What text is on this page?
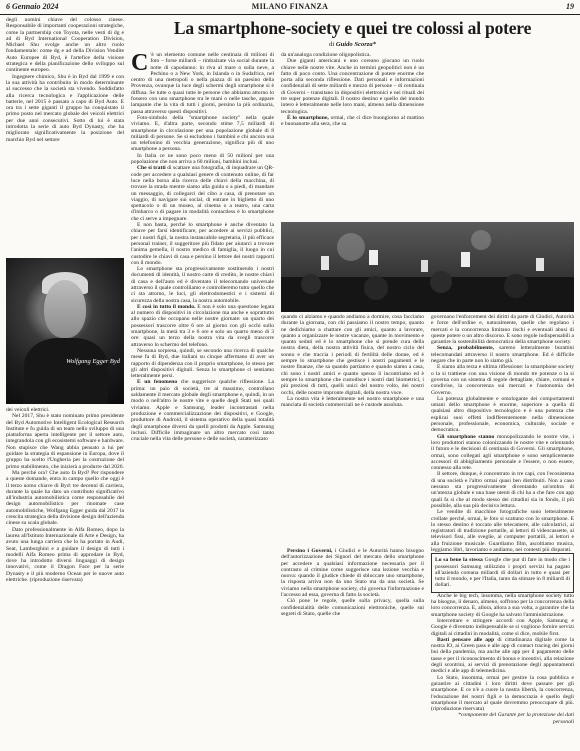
6 Gennaio 2024	MILANO FINANZA	19

degli uomini chiave del colosso cinese. Responsabile di importanti cooperazioni strategiche, come la partnership con Toyota, nelle vesti di dg e ad di Byd International Cooperation Division, Michael Shu svolge anche un altro ruolo fondamentale: come dg e ad della Division Vendite Auto Europee di Byd, è l'artefice della visione strategica e della pianificazione dello sviluppo sul continente europeo.

Ingegnere chimico, Shu è in Byd dal 1999 e con la sua attività ha contribuito in modo determinante al successo che la società sta vivendo. Soddisfatto alla ricerca tecnologica e l'applicazione delle batterie, nel 2015 è passato a capo di Byd Auto. E ora tra i sette giganti il gruppo ha conquistato il primo posto nel mercato globale dei veicoli elettrici per due anni consecutivi. Sotto di lui è stata introdotta la serie di auto Byd Dynasty, che ha migliorato significativamente la posizione del marchio Byd nel settore

Wolfgang Egger Byd

dei veicoli elettrici.

Nel 2017, Shu è stato nominato primo presidente del Byd Automotive Intelligent Ecological Research Institute e fu guida di un team nello sviluppo di una piattaforma aperta intelligente per il settore auto, integrandola con gli ecosistemi software e hardware. Non stupisce che Wang abbia pensato a lui per guidare la strategia di espansione in Europa, dove il gruppo ha scelto l'Ungheria per la costruzione del primo stabilimento, che inizierà a produrre dal 2026.

Ma perché ora? Che auto fa Byd? Per rispondere a queste domande, entra in campo quello che oggi è il terzo uomo chiave di Byd: tre decenni di carriera, durante la quale ha dato un contributo significativo all'industria automobilistica come responsabile del design automobilistico per rinomate case automobilistiche, Wolfgang Egger guida dal 2017 la crescita strategica della divisione design dell'azienda cinese su scala globale.

Dato professionalmente in Alfa Romeo, dopo la laurea all'Istituto Internazionale di Arte e Design, ha avuto una lunga carriera che lo ha portato in Audi, Seat, Lamborghini e a guidare il design di tutti i modelli Alfa Romeo prima di approdare in Byd, dove ha introdotto diversi linguaggi di design innovativi, come il Dragon Face per la serie Dynasty e il più moderno Ocean per le nuove auto elettriche. (riproduzione riservata)

La smartphone-society e quei tre colossi al potere
di Guido Scorza*

C 'è un elemento comune nelle centinaia di milioni di foto – forse miliardi – rimbalzate via social durante la notte di capodanno: in riva al mare o sulla neve, a Pechino o a New York, in Islanda o in Sudafrica, nel centro di una metropoli o nella piazza di un paesino della Provenza, ovunque la luce degli schermi degli smartphone si è diffusa. Se tutte o quasi tutte le persone che abbiamo attorno lo fossero con uno smartphone tra le mani o nelle tasche, appare lampante che la vita di tutti i giorni, persino la più ordinaria, passa attraverso questi dispositivi.

Foto-simbolo della "smartphone society" nella quale viviamo. E, d'altra parte, secondo stime 7,5 miliardi di smartphone in circolazione per una popolazione globale di 8 miliardi di persone. Se si escludono i bambini e chi ancora usa un telefonino di vecchia generazione, significa più di uno smartphone a persona.

In Italia ce ne sono poco meno di 50 milioni per una popolazione che non arriva a 60 milioni, bambini inclusi.

Che si tratti di scattare una fotografia, di inquadrare un QR-code per accedere a qualsiasi genere di contenuto online, di far luce nella borsa alla ricerca delle chiavi della macchina, di trovare la strada mentre siamo alla guida o a piedi, di mandare un messaggio, di collegarci del cibo a casa, di prenotare un viaggio, di navigare sui social, di entrare in biglietto di uno spettacolo o di un museo, al cinema o a teatro, una carta d'imbarco o di pagare in modalità contactless è lo smartphone che ci serve a impegnare.

E non basta, perché lo smartphone è anche diventato la chiave per farsi identificare, per accedere ai servizi pubblici, per i nostri figli, la nostra instancabile segretaria, il più efficace personal trainer, il suggeritore più fidato per aiutarci a trovare l'anima gemella, il nostro medico di famiglia, il luogo in cui custodire le chiavi di casa e persino il lettore dei nostri rapporti con il mondo.

Lo smartphone sta progressivamente sostituendo i nostri documenti di identità, il nostro carte di credito, le nostre chiavi di casa e dell'auto ed è diventato il telecomando universale attraverso il quale controlliamo e controlleremo tutto quello che ci sta attorno, le luci, gli elettrodomestici e i sistemi di sicurezza della nostra casa, la nostra automobile.

E così in tutto il mondo. E non è solo una questione legata al numero di dispositivi in circolazione ma anche e soprattutto allo spazio che occupano nelle nostre giornate: un quarto dei possessori trascorre oltre 6 ore al giorno con gli occhi sullo smartphone, la metà tra 3 e 6 ore e solo un quarto meno di 3 ore: quasi un terzo della nostra vita da svegli trascorre attraverso lo schermo del telefono.

Nessuna sorpresa, quindi, se secondo una ricerca di qualche mese fa di Byd, due italiani su cinque affermano di aver un rapporto di dipendenza con il proprio smartphone, lo stesso per gli altri dispositivi digitali. Senza lo smartphone ci sentiamo letteralmente persi.

E un fenomeno che suggerisce qualche riflessione. La prima: un paio di società, tre al massimo, controllano saldamente il mercato globale degli smartphone e, quindi, in un modo o nell'altro le nostre vite e quelle degli Stati nei quali viviamo. Apple e Samsung, leader incontrastati nella produzione e commercializzazione dei dispositivi, e Google, produttore di Android, il sistema operativo della quasi totalità degli smartphone diversi da quelli prodotti da Apple. Samsung inclusi. Difficile immaginare un altro mercato così tanto cruciale nella vita delle persone e delle società, caratterizzato

da un'analoga condizione oligopolistica.

Due giganti americani e uno coreano giocano un ruolo chiave nelle nostre vite. Anche in termini geopolitici non è un fatto di poco conto. Una concentrazione di potere enorme che porta alla seconda riflessione. Dati personali e informazioni confidenziali di sette miliardi e mezzo di persone – di centinaia di Governi – transitano in dispositivi elettronici e nei rituali dei tre super potenze digitali. Il nostro destino e quello del mondo intero è letteralmente nelle loro mani, almeno nella dimensione tecnologica.

È lo smartphone, ormai, che ci dice buongiorno al mattino e buonanotte alla sera, che sa

quando ci alziamo e quando andiamo a dormire, cosa facciamo durante la giornata, con chi passiamo il nostro tempo, quanto ne dedichiamo a chattare con gli amici, quanto a lavorare, quanto a organizzare le nostre vacanze, quante in movimento e quanto seduti ed è lo smartphone che si prende cura della nostra dieta, della nostra attività fisica, del nostro ciclo del sonno e che traccia i periodi di fertilità delle donne, ed è sempre lo smartphone che gestisce i nostri pagamenti e le nostre finanze, che sa quando partiamo e quando siamo a casa, chi sono i nostri amici e quanto spesso li incontriamo ed è sempre lo smartphone che custodisce i nostri dati biometrici, i più preziosi di tutti, quelli unici del nostro volto, dei nostri occhi, delle nostre impronte digitali, della nostra voce.

La nostra vita è letteralmente nel nostro smartphone e una manciata di società commerciali ne è custode assoluta.

Persino i Governi, i Giudici e le Autorità hanno bisogno dell'autorizzazione dei Signori del mercato dello smartphone per accedere a qualsiasi informazione necessaria per il contrasto al crimine come suggerisce una lezione vecchia e nuova: quando il giudice chiede di sbloccare uno smartphone, la risposta arriva non da uno Stato ma da una società. Se viviamo nella smartphone society, chi governa l'informazione e l'accesso ad essa, governa di fatto la società.

Ciò pone le regole, quelle sulla privacy, quella sulla confidenzialità delle comunicazioni elettroniche, quelle sui segreti di Stato, quelle che

governano l'enforcement dei diritti da parte di Giudici, Autorità e forze dell'ordine e, naturalmente, quelle che regolano i mercati e la concorrenza limitano rischi e eventuali abusi di queste potere o un altro discorso. E sono regole indispensabili a garantire la sostenibilità democratica della smartphone society.

Senza, probabilmente, saremo letteralmente burattini telecomandati attraverso il nostro smartphone. Ed è difficile negare che in parte non lo siamo già.

E siamo alla terza e ultima riflessione: la smartphone society o la si trattiene con una visione di mondo tre potenze o la si governa con un sistema di regole dettagliate, chiare, comuni e condivise, la concorrenza sui mercati e l'autonomia del Governo.

La potenza globalmente e omologante dei comportamenti umani dello smartphone è enorme, superiore a quella di qualsiasi altro dispositivo tecnologico e è una potenza che esplicai suoi effetti indifferentemente nella dimensione personale, professionale, economica, culturale, sociale e democratica.

Gli smartphone stanno monopolizzando le nostre vite, i loro produttori stanno colonizzando le nostre vite e orientando il futuro e le decisioni di centinaia di Governi. Gli smartphone, ormai, sono collegati agli smartphone e sono semplicemente accessori di abbigliamento personale e l'essere, o non essere, connesso alla rete.

Il settore, dunque, è concentrato in tre capi, con l'ecosistema di una società e l'altro ormai quasi ben distribuiti. Non a caso nessuno sta progressivamente diventando un'ombra di un'utenza globale e una base utenti di chi ha a che fare con app quali fa sì che al modo stesso dei cittadini sia in fondo, il più possibile, alla sua più decisiva lettura.

Le vendite di macchine fotografiche sono letteralmente crollate perché, ormai, le foto si scattano con lo smartphone. E lo stesso destino è toccato alle telecamere, alle calcolatrici, ai registratori di tradizione portatile, ai lettori di videocassette, ai televisori fissi, alle sveglie, ai computer portatili, ai lettori e alla fruizione musicale. Guardiamo film, ascoltiamo musica, leggiamo libri, lavoriamo e andiamo, nei contesti più disparati.

Lo sa bene la stessa Google che pur di fare in modo che i possessori Samsung utilizzino i propri servizi ha pagato all'azienda coreana miliardi di dollari in tutto e quasi per tutto il mondo, e per l'Italia, tanto da stimare in 8 miliardi di dollari.

Anche le big tech, insomma, nella smartphone society tutto ha bisogno, il denaro, almeno, soffrono per la concorrenza della loro concorrenza. E, allora, allora a sua volta, a garantire che la smartphone society di Google ha salvato l'amministrazione.

Intercettare e stringere accordi con Apple, Samsung e Google è diventato indispensabile se si vogliono fornire servizi digitali ai cittadini in modalità, come si dice, mobile first.

Basti pensare alle app di cittadinanza digitale come la nostra IO, ai Green pass e alle app di contact tracing dei giorni bui della pandemia, ma anche alle app per il pagamento delle tasse e per il riconoscimento di bonus e incentivi, alla relazione degli scontrini, ai servizi di prenotazione degli appuntamenti medici e alle app di telemedicina.

Lo Stato, insomma, ormai per gestire la cosa pubblica e garantire ai cittadini i loro diritti deve passare per gli smartphone. E ce n'è a cuore la nostra libertà, la concorrenza, l'educazione dei nostri figli e la democrazia è quello degli smartphone il mercato al quale dovremmo preoccupare di più. (riproduzione riservata)

*componente del Garante per la protezione dei dati personali
